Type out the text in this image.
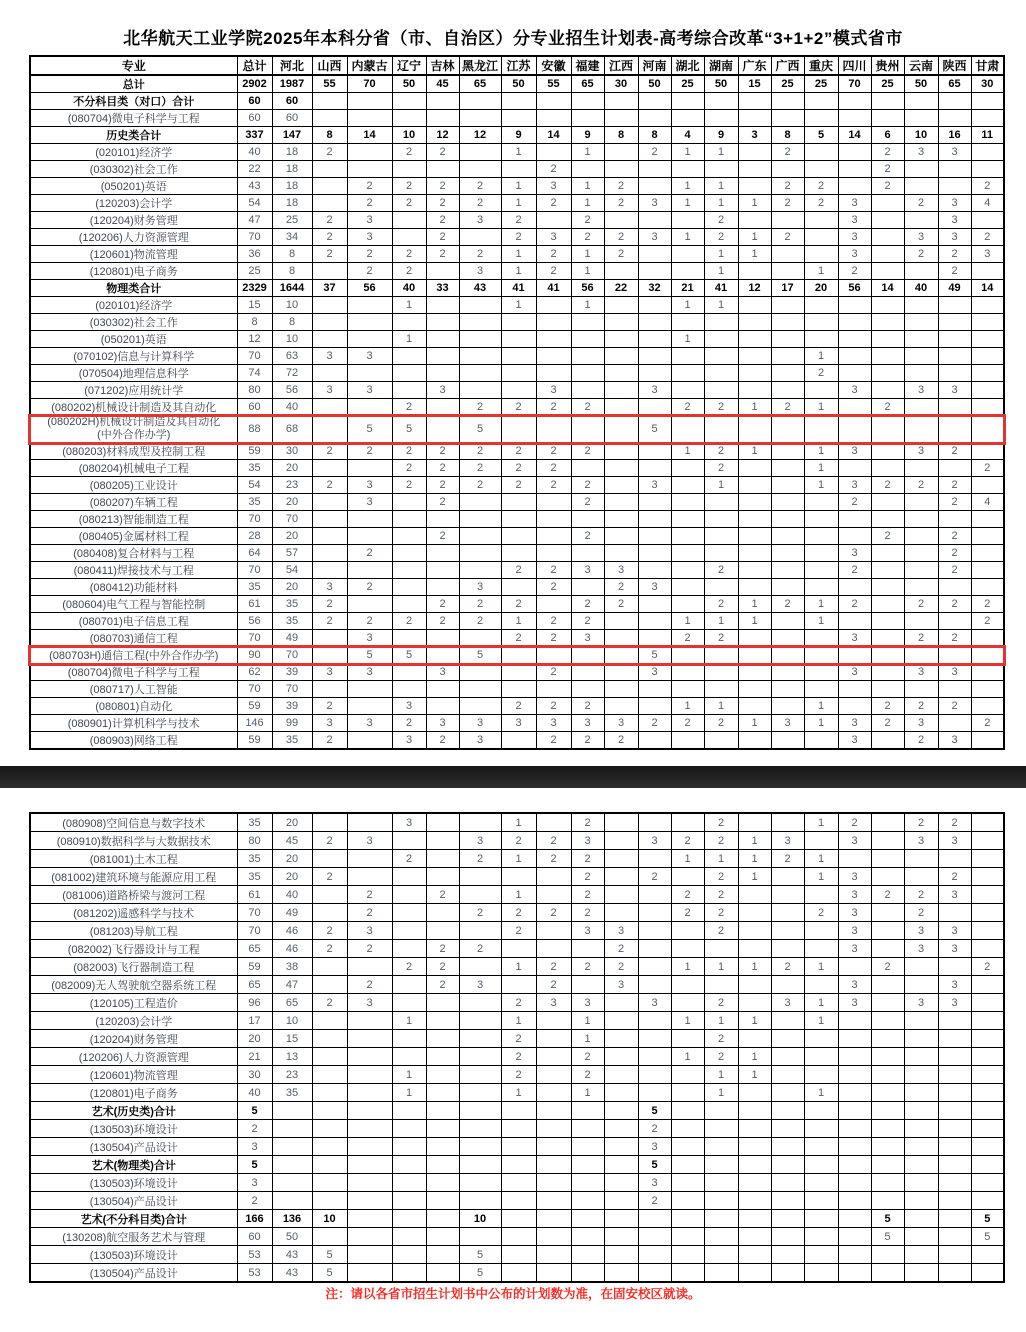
北华航天工业学院2025年本科分省（市、自治区）分专业招生计划表-高考综合改革“3+1+2”模式省市
专业	总计	河北	山西	内蒙古	辽宁	吉林	黑龙江	江苏	安徽	福建	江西	河南	湖北	湖南	广东	广西	重庆	四川	贵州	云南	陕西	甘肃
总计	2902	1987	55	70	50	45	65	50	55	65	30	50	25	50	15	25	25	70	25	50	65	30
不分科目类（对口）合计	60	60																				
(080704)微电子科学与工程	60	60																				
历史类合计	337	147	8	14	10	12	12	9	14	9	8	8	4	9	3	8	5	14	6	10	16	11
(020101)经济学	40	18	2		2	2		1		1		2	1	1		2			2	3	3	
(030302)社会工作	22	18							2										2			
(050201)英语	43	18		2	2	2	2	1	3	1	2		1	1		2	2		2			2
(120203)会计学	54	18		2	2	2	2	1	2	1	2	3	1	1	1	2	2	3		2	3	4
(120204)财务管理	47	25	2	3		2	3	2		2				2				3			3	
(120206)人力资源管理	70	34	2	3		2		2	3	2	2	3	1	2	1	2		3		3	3	2
(120601)物流管理	36	8	2	2	2	2	2	1	2	1	2			1	1			3		2	2	3
(120801)电子商务	25	8		2	2		3	1	2	1				1			1	2			2	
物理类合计	2329	1644	37	56	40	33	43	41	41	56	22	32	21	41	12	17	20	56	14	40	49	14
(020101)经济学	15	10			1			1		1			1	1								
(030302)社会工作	8	8																				
(050201)英语	12	10			1								1									
(070102)信息与计算科学	70	63	3	3													1					
(070504)地理信息科学	74	72															2					
(071202)应用统计学	80	56	3	3		3			3			3						3		3	3	
(080202)机械设计制造及其自动化	60	40			2		2	2	2	2			2	2	1	2	1		2			

(080202H)机械设计制造及其自动化
(中外合作办学)	88	68		5	5		5					5										
(080203)材料成型及控制工程	59	30	2	2	2	2	2	2	2	2			1	2	1		1	3		3	2	
(080204)机械电子工程	35	20			2	2	2	2	2					2			1					2
(080205)工业设计	54	23	2	3	2	2	2	2	2	2		3		1			1	3	2	2	2	
(080207)车辆工程	35	20		3		2				2								2			2	4
(080213)智能制造工程	70	70																				
(080405)金属材料工程	28	20				2				2									2		2	
(080408)复合材料与工程	64	57		2														3			2	
(080411)焊接技术与工程	70	54						2	2	3	3			2				2			2	
(080412)功能材料	35	20	3	2			3		2		2	3										
(080604)电气工程与智能控制	61	35	2			2	2	2		2	2			2	1	2	1	2		2	2	2
(080701)电子信息工程	56	35	2	2	2	2	2	1	2	2			1	1	1		1					2
(080703)通信工程	70	49		3				2	2	3			2	2				3		2	2	
(080703H)通信工程(中外合作办学)	90	70		5	5		5					5										
(080704)微电子科学与工程	62	39	3	3		3			2			3						3		3	3	
(080717)人工智能	70	70																				
(080801)自动化	59	39	2		3			2	2	2			1	1			1		2	2	2	
(080901)计算机科学与技术	146	99	3	3	2	3	3	3	3	3	3	2	2	2	1	3	1	3	2	3		2
(080903)网络工程	59	35	2		3	2	3		2	2	2							3		2	3	
(080908)空间信息与数字技术	35	20			3			1		2				2			1	2		2	2	
(080910)数据科学与大数据技术	80	45	2	3			3	2	2	3		3	2	2	1	3		3		3	3	
(081001)土木工程	35	20			2		2	1	2	2			1	1	1	2	1					
(081002)建筑环境与能源应用工程	35	20	2							2		2		2	1		1	3			2	
(081006)道路桥梁与渡河工程	61	40		2		2		1		2			2	2				3	2	2	3	
(081202)遥感科学与技术	70	49		2			2	2	2	2			2	2			2	3		2		
(081203)导航工程	70	46	2	3				2		3	3			2				3		3	3	
(082002)飞行器设计与工程	65	46	2	2		2	2				2							3		3	3	
(082003)飞行器制造工程	59	38			2	2		1	2	2	2		1	1	1	2	1		2			2
(082009)无人驾驶航空器系统工程	65	47		2		2	3		2		3							3			3	
(120105)工程造价	96	65	2	3				2	3	3		3		2		3	1	3		3	3	
(120203)会计学	17	10			1			1		1			1	1	1		1					
(120204)财务管理	20	15						2		1				2								
(120206)人力资源管理	21	13						2		2			1	2	1							
(120601)物流管理	30	23			1			2		2				1	1							
(120801)电子商务	40	35			1			1		1				1			1					
艺术(历史类)合计	5											5										
(130503)环境设计	2											2										
(130504)产品设计	3											3										
艺术(物理类)合计	5											5										
(130503)环境设计	3											3										
(130504)产品设计	2											2										
艺术(不分科目类)合计	166	136	10				10												5			5
(130208)航空服务艺术与管理	60	50																	5			5
(130503)环境设计	53	43	5				5															
(130504)产品设计	53	43	5				5															
注：请以各省市招生计划书中公布的计划数为准，在固安校区就读。
